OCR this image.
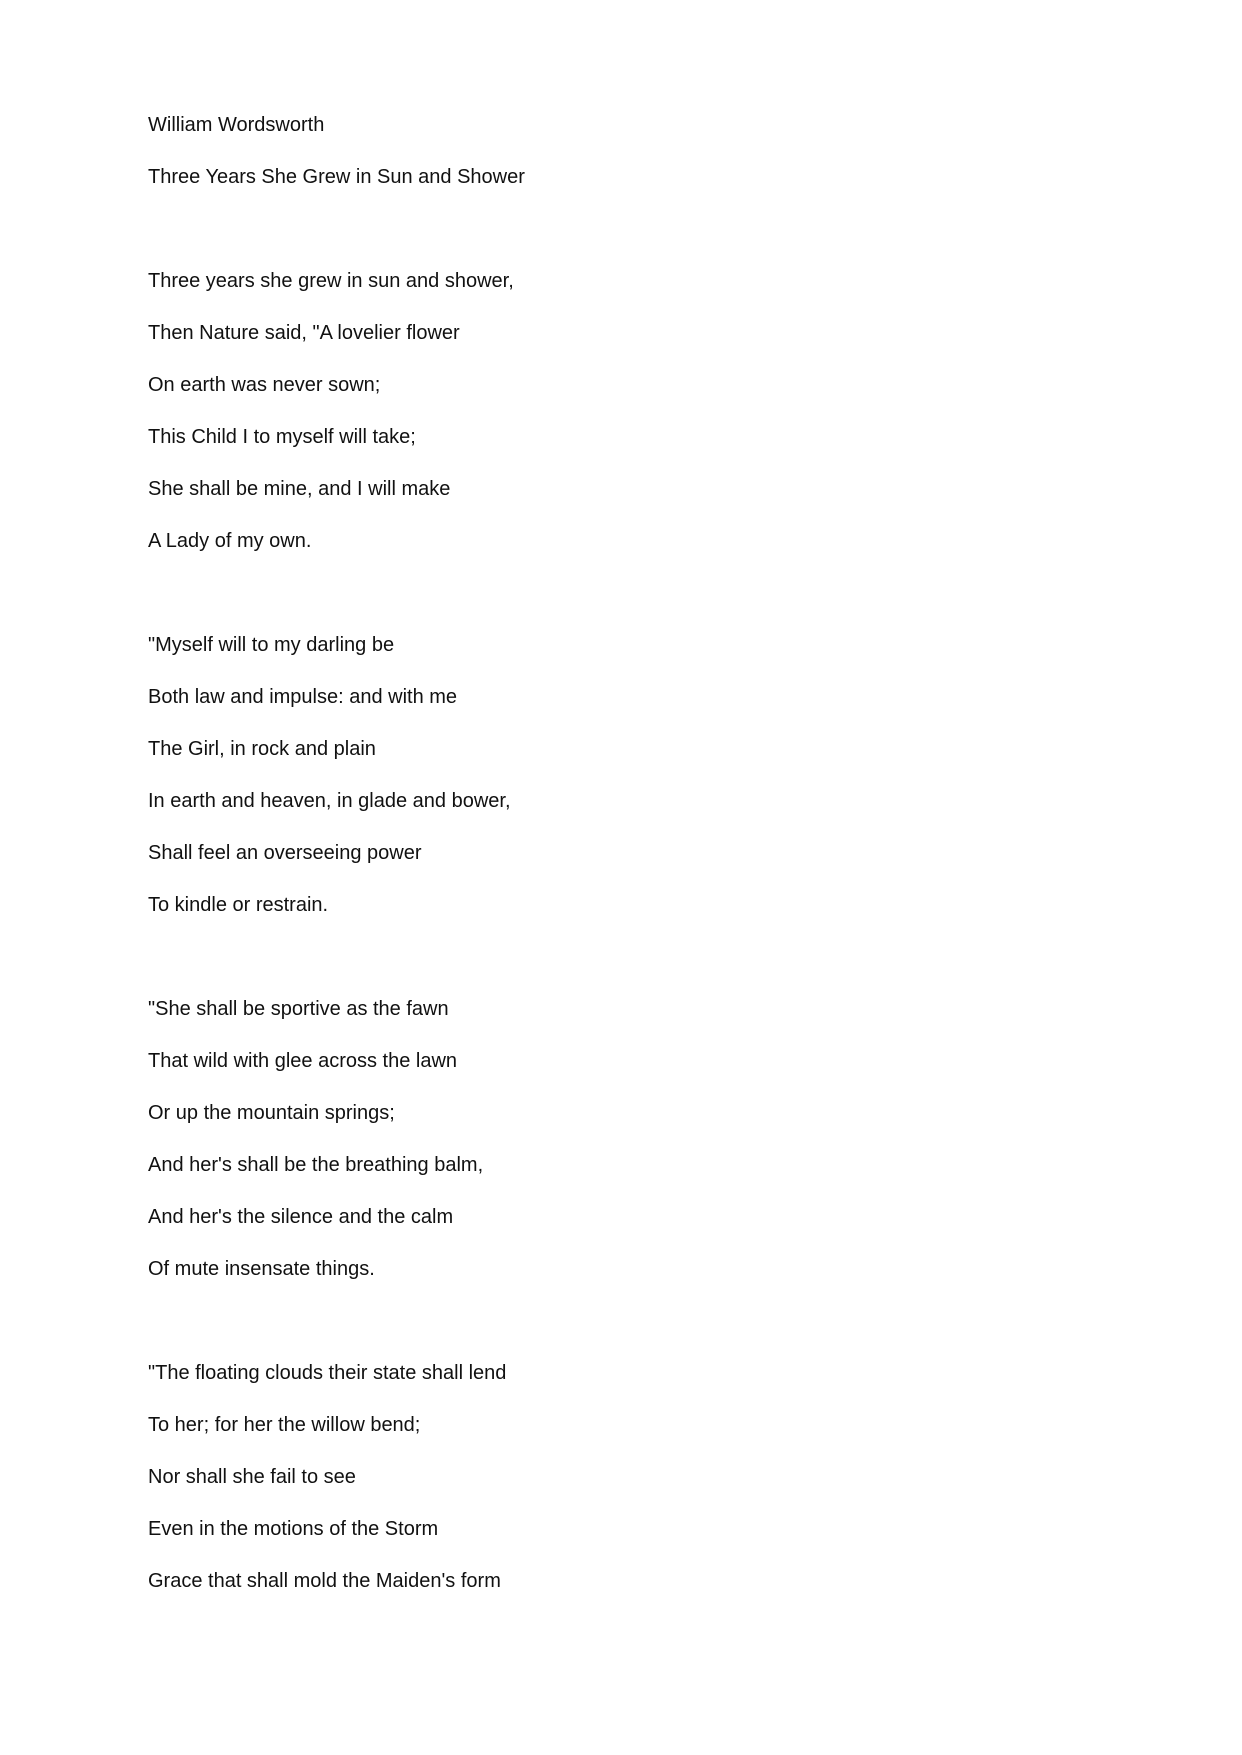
William Wordsworth
Three Years She Grew in Sun and Shower
Three years she grew in sun and shower,
Then Nature said, "A lovelier flower
On earth was never sown;
This Child I to myself will take;
She shall be mine, and I will make
A Lady of my own.
"Myself will to my darling be
Both law and impulse: and with me
The Girl, in rock and plain
In earth and heaven, in glade and bower,
Shall feel an overseeing power
To kindle or restrain.
"She shall be sportive as the fawn
That wild with glee across the lawn
Or up the mountain springs;
And her's shall be the breathing balm,
And her's the silence and the calm
Of mute insensate things.
"The floating clouds their state shall lend
To her; for her the willow bend;
Nor shall she fail to see
Even in the motions of the Storm
Grace that shall mold the Maiden's form
